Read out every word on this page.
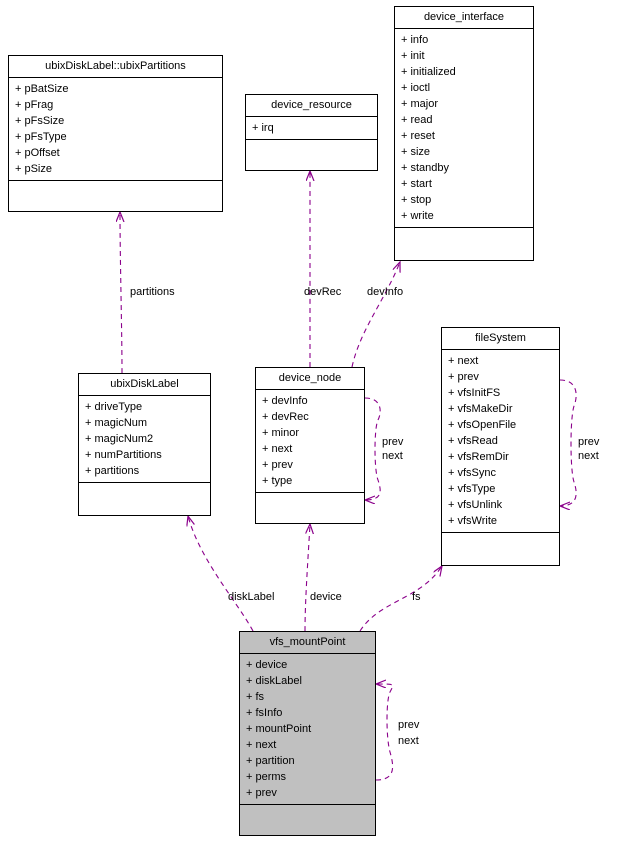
device_interface
+ info
+ init
+ initialized
+ ioctl
+ major
+ read
+ reset
+ size
+ standby
+ start
+ stop
+ write
ubixDiskLabel::ubixPartitions
+ pBatSize
+ pFrag
+ pFsSize
+ pFsType
+ pOffset
+ pSize
device_resource
+ irq
fileSystem
+ next
+ prev
+ vfsInitFS
+ vfsMakeDir
+ vfsOpenFile
+ vfsRead
+ vfsRemDir
+ vfsSync
+ vfsType
+ vfsUnlink
+ vfsWrite
ubixDiskLabel
+ driveType
+ magicNum
+ magicNum2
+ numPartitions
+ partitions
device_node
+ devInfo
+ devRec
+ minor
+ next
+ prev
+ type
vfs_mountPoint
+ device
+ diskLabel
+ fs
+ fsInfo
+ mountPoint
+ next
+ partition
+ perms
+ prev
partitions	devRec devInfo
prev
next
prev
next
diskLabel	device	fs
prev
next
